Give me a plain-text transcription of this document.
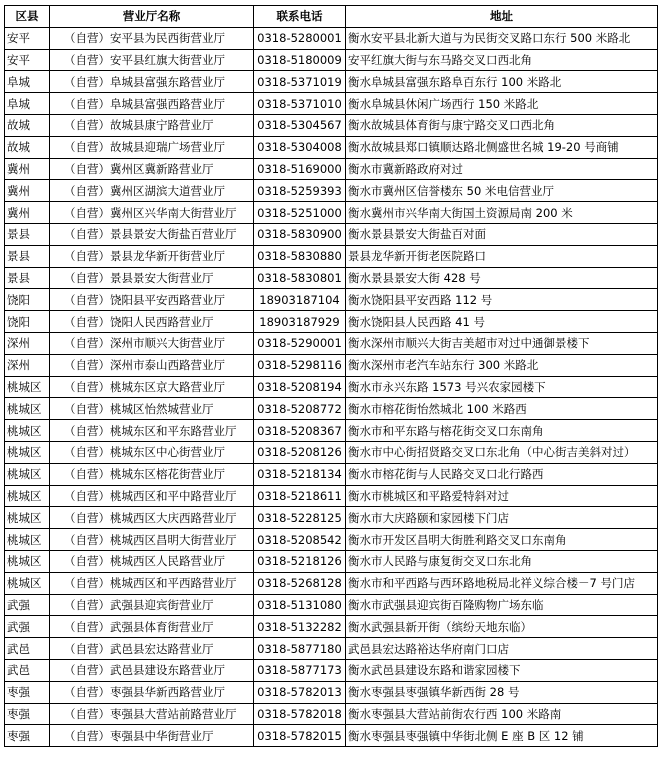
区县	营业厅名称	联系电话	地址
安平	（自营）安平县为民西街营业厅	0318-5280001	衡水安平县北新大道与为民街交叉路口东行 500 米路北
安平	（自营）安平县红旗大街营业厅	0318-5180009	安平红旗大街与东马路交叉口西北角
阜城	（自营）阜城县富强东路营业厅	0318-5371019	衡水阜城县富强东路阜百东行 100 米路北
阜城	（自营）阜城县富强西路营业厅	0318-5371010	衡水阜城县休闲广场西行 150 米路北
故城	（自营）故城县康宁路营业厅	0318-5304567	衡水故城县体育街与康宁路交叉口西北角
故城	（自营）故城县迎瑞广场营业厅	0318-5304008	衡水故城县郑口镇顺达路北侧盛世名城 19-20 号商铺
冀州	（自营）冀州区冀新路营业厅	0318-5169000	衡水市冀新路政府对过
冀州	（自营）冀州区湖滨大道营业厅	0318-5259393	衡水市冀州区信誉楼东 50 米电信营业厅
冀州	（自营）冀州区兴华南大街营业厅	0318-5251000	衡水冀州市兴华南大街国土资源局南 200 米
景县	（自营）景县景安大街盐百营业厅	0318-5830900	衡水景县景安大街盐百对面
景县	（自营）景县龙华新开街营业厅	0318-5830880	景县龙华新开街老医院路口
景县	（自营）景县景安大街营业厅	0318-5830801	衡水景县景安大街 428 号
饶阳	（自营）饶阳县平安西路营业厅	18903187104	衡水饶阳县平安西路 112 号
饶阳	（自营）饶阳人民西路营业厅	18903187929	衡水饶阳县人民西路 41 号
深州	（自营）深州市顺兴大街营业厅	0318-5290001	衡水深州市顺兴大街吉美超市对过中通御景楼下
深州	（自营）深州市泰山西路营业厅	0318-5298116	衡水深州市老汽车站东行 300 米路北
桃城区	（自营）桃城东区京大路营业厅	0318-5208194	衡水市永兴东路 1573 号兴农家园楼下
桃城区	（自营）桃城区怡然城营业厅	0318-5208772	衡水市榕花街怡然城北 100 米路西
桃城区	（自营）桃城东区和平东路营业厅	0318-5208367	衡水市和平东路与榕花街交叉口东南角
桃城区	（自营）桃城东区中心街营业厅	0318-5208126	衡水市中心街招贤路交叉口东北角（中心街吉美斜对过）
桃城区	（自营）桃城东区榕花街营业厅	0318-5218134	衡水市榕花街与人民路交叉口北行路西
桃城区	（自营）桃城西区和平中路营业厅	0318-5218611	衡水市桃城区和平路爱特斜对过
桃城区	（自营）桃城西区大庆西路营业厅	0318-5228125	衡水市大庆路颐和家园楼下门店
桃城区	（自营）桃城西区昌明大街营业厅	0318-5208542	衡水市开发区昌明大街胜利路交叉口东南角
桃城区	（自营）桃城西区人民路营业厅	0318-5218126	衡水市人民路与康复街交叉口东北角
桃城区	（自营）桃城西区和平西路营业厅	0318-5268128	衡水市和平西路与西环路地税局北祥义综合楼－7 号门店
武强	（自营）武强县迎宾街营业厅	0318-5131080	衡水市武强县迎宾街百隆购物广场东临
武强	（自营）武强县体育街营业厅	0318-5132282	衡水武强县新开街（缤纷天地东临）
武邑	（自营）武邑县宏达路营业厅	0318-5877180	武邑县宏达路裕达华府南门口店
武邑	（自营）武邑县建设东路营业厅	0318-5877173	衡水武邑县建设东路和谐家园楼下
枣强	（自营）枣强县华新西路营业厅	0318-5782013	衡水枣强县枣强镇华新西街 28 号
枣强	（自营）枣强县大营站前路营业厅	0318-5782018	衡水枣强县大营站前街农行西 100 米路南
枣强	（自营）枣强县中华街营业厅	0318-5782015	衡水枣强县枣强镇中华街北侧 E 座 B 区 12 铺
